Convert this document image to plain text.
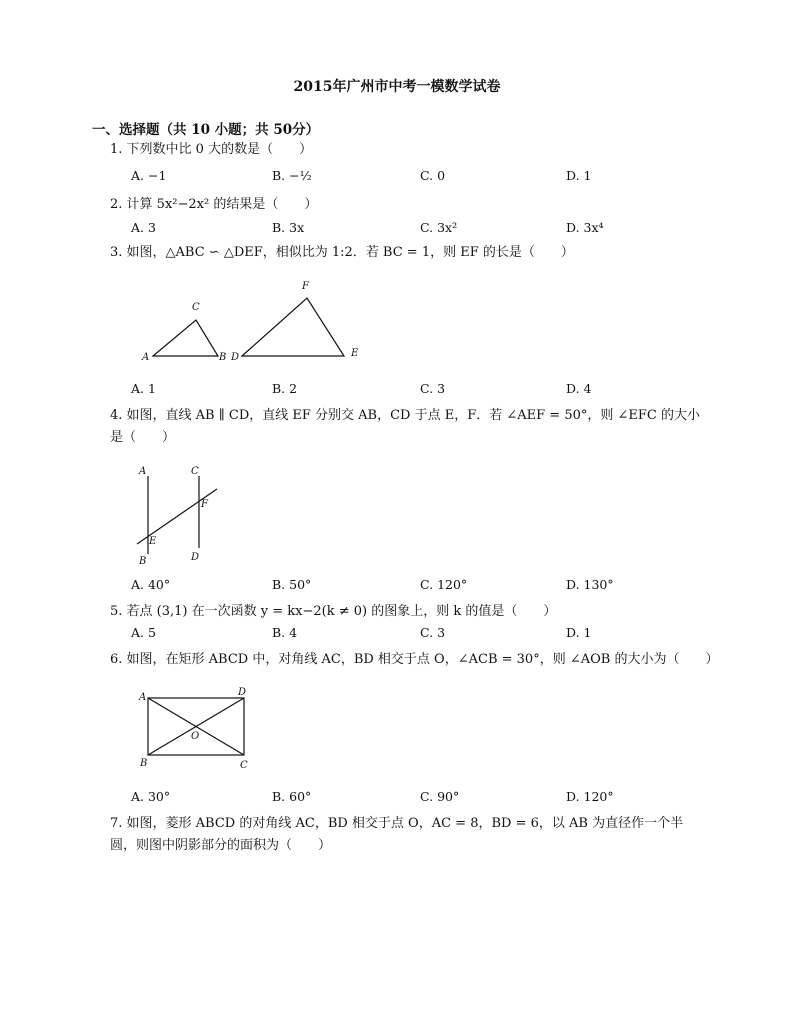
2015年广州市中考一模数学试卷
一、选择题（共 10 小题；共 50分）
1. 下列数中比 0 大的数是（　　）
A. −1	B. −½	C. 0	D. 1
2. 计算 5x²−2x² 的结果是（　　）
A. 3	B. 3x	C. 3x²	D. 3x⁴
3. 如图，△ABC ∽ △DEF，相似比为 1:2．若 BC = 1，则 EF 的长是（　　）
A	B
C
D	E
F
A. 1	B. 2	C. 3	D. 4
4. 如图，直线 AB ∥ CD，直线 EF 分别交 AB，CD 于点 E，F．若 ∠AEF = 50°，则 ∠EFC 的大小是（　　）
A
B
C
D
E
F
A. 40°	B. 50°	C. 120°	D. 130°
5. 若点 (3,1) 在一次函数 y = kx−2(k ≠ 0) 的图象上，则 k 的值是（　　）
A. 5	B. 4	C. 3	D. 1
6. 如图，在矩形 ABCD 中，对角线 AC，BD 相交于点 O，∠ACB = 30°，则 ∠AOB 的大小为（　　）
A
B	C
D
O
A. 30°	B. 60°	C. 90°	D. 120°
7. 如图，菱形 ABCD 的对角线 AC，BD 相交于点 O，AC = 8，BD = 6，以 AB 为直径作一个半圆，则图中阴影部分的面积为（　　）
